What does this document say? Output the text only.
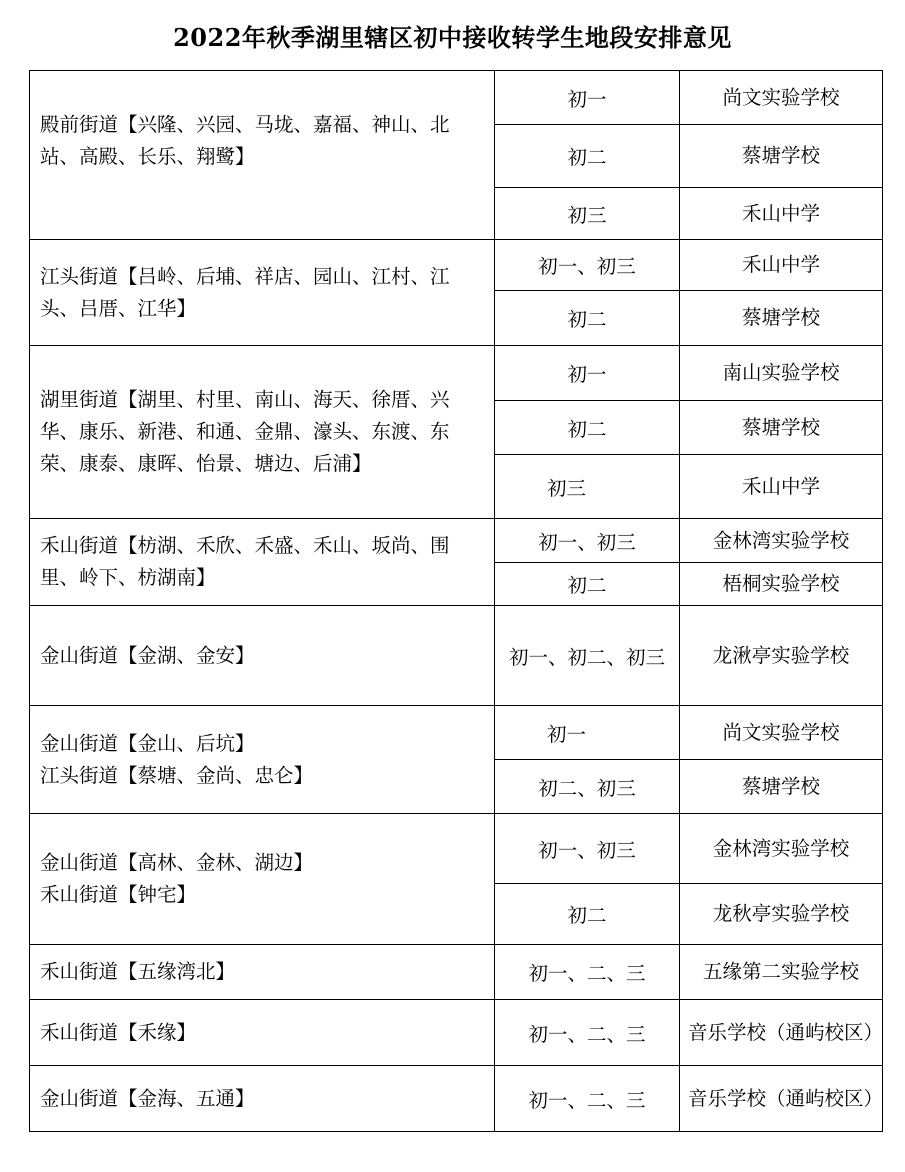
2022年秋季湖里辖区初中接收转学生地段安排意见
殿前街道【兴隆、兴园、马垅、嘉福、神山、北站、高殿、长乐、翔鹭】	初一	尚文实验学校
	初二	蔡塘学校
	初三	禾山中学

江头街道【吕岭、后埔、祥店、园山、江村、江头、吕厝、江华】	初一、初三	禾山中学
	初二	蔡塘学校

湖里街道【湖里、村里、南山、海天、徐厝、兴华、康乐、新港、和通、金鼎、濠头、东渡、东荣、康泰、康晖、怡景、塘边、后浦】	初一	南山实验学校
	初二	蔡塘学校
	初三	禾山中学

禾山街道【枋湖、禾欣、禾盛、禾山、坂尚、围里、岭下、枋湖南】	初一、初三	金林湾实验学校
	初二	梧桐实验学校

金山街道【金湖、金安】	初一、初二、初三	龙湫亭实验学校

金山街道【金山、后坑】
江头街道【蔡塘、金尚、忠仑】	初一	尚文实验学校
	初二、初三	蔡塘学校

金山街道【高林、金林、湖边】
禾山街道【钟宅】	初一、初三	金林湾实验学校
	初二	龙秋亭实验学校

禾山街道【五缘湾北】	初一、二、三	五缘第二实验学校

禾山街道【禾缘】	初一、二、三	音乐学校（通屿校区）

金山街道【金海、五通】	初一、二、三	音乐学校（通屿校区）
